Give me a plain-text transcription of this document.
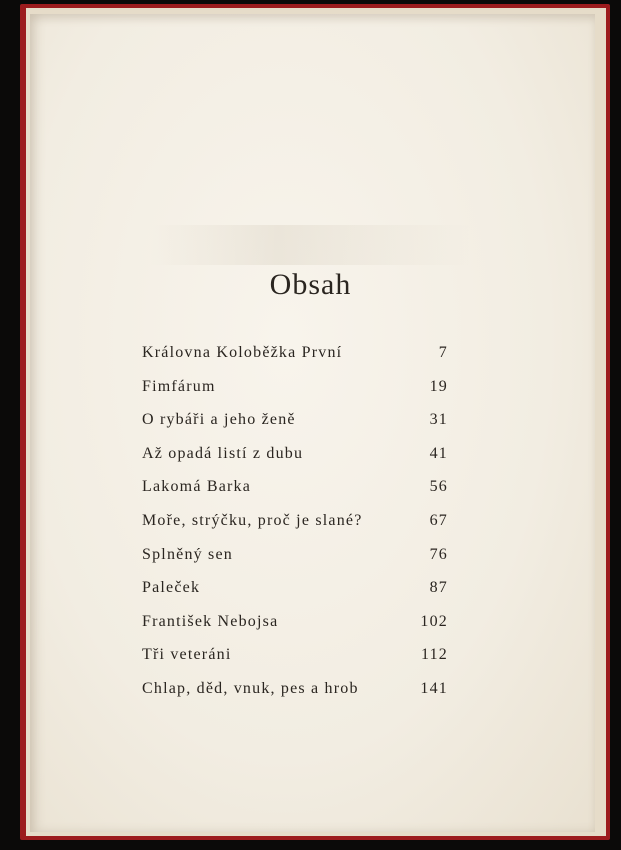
Obsah
Královna Koloběžka První	7
Fimfárum	19
O rybáři a jeho ženě	31
Až opadá listí z dubu	41
Lakomá Barka	56
Moře, strýčku, proč je slané?	67
Splněný sen	76
Paleček	87
František Nebojsa	102
Tři veteráni	112
Chlap, děd, vnuk, pes a hrob	141
